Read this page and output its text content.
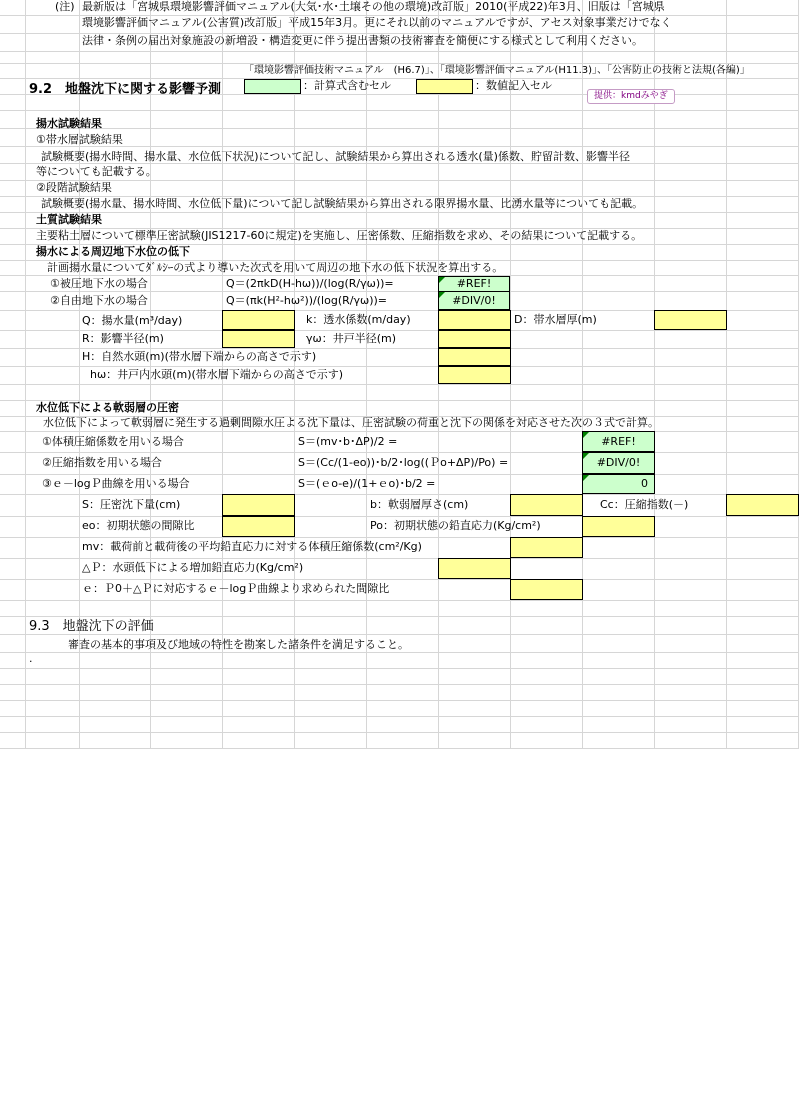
(注) 最新版は「宮城県環境影響評価マニュアル(大気･水･土壌その他の環境)改訂版」2010(平成22)年3月、旧版は「宮城県
環境影響評価マニュアル(公害質)改訂版」平成15年3月。更にそれ以前のマニュアルですが、アセス対象事業だけでなく
法律・条例の届出対象施設の新増設・構造変更に伴う提出書類の技術審査を簡便にする様式として利用ください。
「環境影響評価技術マニュアル　(H6.7)」、「環境影響評価マニュアル(H11.3)」、「公害防止の技術と法規(各編)」
9.2　地盤沈下に関する影響予測	：計算式含むセル	：数値記入セル
提供：kmdみやぎ
揚水試験結果
①帯水層試験結果
　試験概要(揚水時間、揚水量、水位低下状況)について記し、試験結果から算出される透水(量)係数、貯留計数、影響半径
等についても記載する。
②段階試験結果
　試験概要(揚水量、揚水時間、水位低下量)について記し試験結果から算出される限界揚水量、比湧水量等についても記載。
土質試験結果
主要粘土層について標準圧密試験(JIS1217-60に規定)を実施し、圧密係数、圧縮指数を求め、その結果について記載する。
揚水による周辺地下水位の低下
　計画揚水量についてﾀﾞﾙｼｰの式より導いた次式を用いて周辺の地下水の低下状況を算出する。
①被圧地下水の場合	Q＝(2πkD(H-hω))/(log(R/γω))=	#REF!
②自由地下水の場合	Q＝(πk(H²-hω²))/(log(R/γω))=	#DIV/0!
Q：揚水量(m³/day)	k：透水係数(m/day)	D：帯水層厚(m)
R：影響半径(m)	γω：井戸半径(m)
H：自然水頭(m)(帯水層下端からの高さで示す)
hω：井戸内水頭(m)(帯水層下端からの高さで示す)
水位低下による軟弱層の圧密
　水位低下によって軟弱層に発生する過剰間隙水圧よる沈下量は、圧密試験の荷重と沈下の関係を対応させた次の３式で計算。
①体積圧縮係数を用いる場合	S＝(mv･b･ΔP)/2 =	#REF!
②圧縮指数を用いる場合	S＝(Cc/(1-eo))･b/2･log((Ｐo+ΔP)/Po) =	#DIV/0!
③ｅ－logＰ曲線を用いる場合	S＝(ｅo-e)/(1+ｅo)･b/2 =	0
S：圧密沈下量(cm)	b：軟弱層厚さ(cm)	Cc：圧縮指数(－)
eo：初期状態の間隙比	Po：初期状態の鉛直応力(Kg/cm²)
mv：載荷前と載荷後の平均鉛直応力に対する体積圧縮係数(cm²/Kg)
△Ｐ：水頭低下による増加鉛直応力(Kg/cm²)
ｅ：Ｐ0＋△Ｐに対応するｅ－logＰ曲線より求められた間隙比
9.3　地盤沈下の評価
審査の基本的事項及び地域の特性を勘案した諸条件を満足すること。
.
